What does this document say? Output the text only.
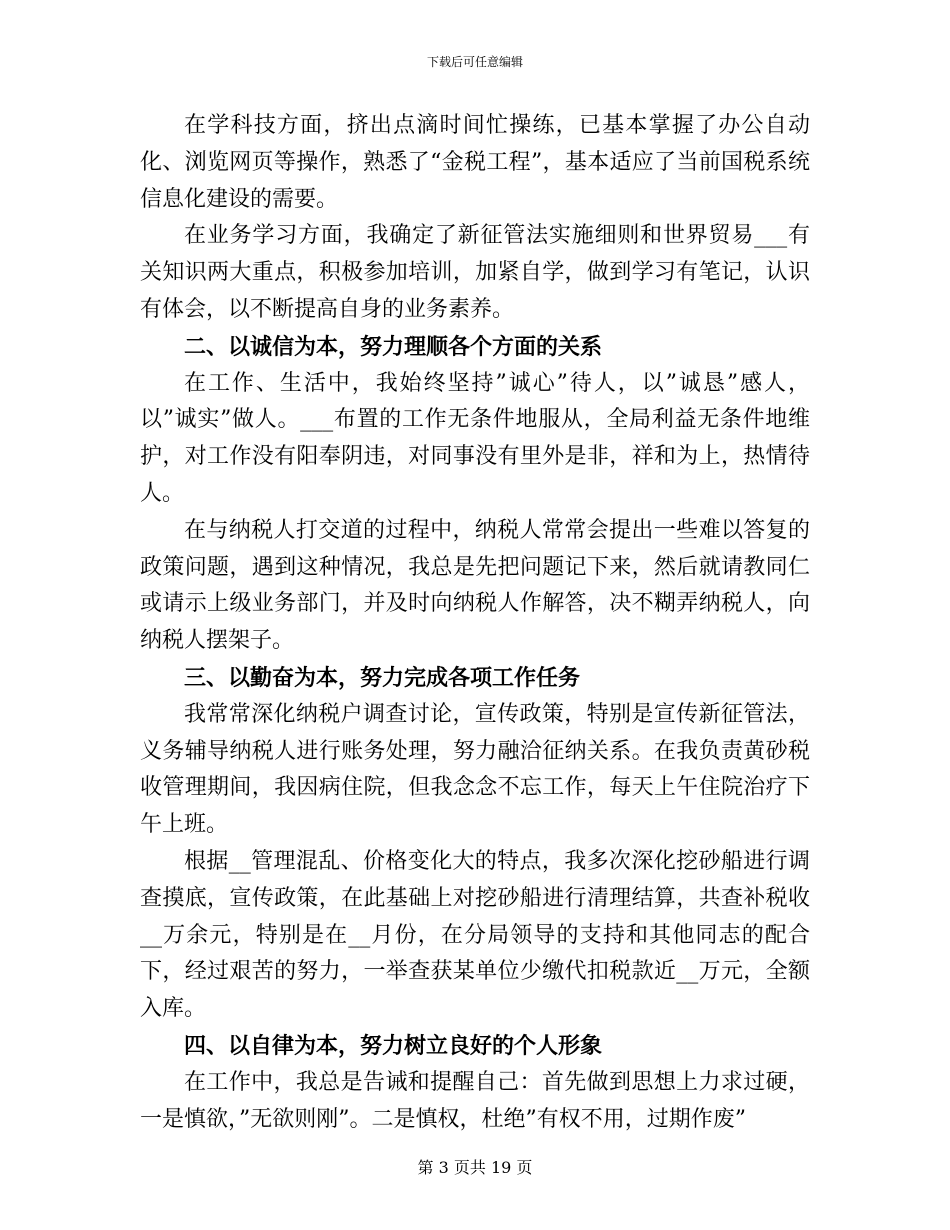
下载后可任意编辑

在学科技方面，挤出点滴时间忙操练，已基本掌握了办公自动化、浏览网页等操作，熟悉了“金税工程”，基本适应了当前国税系统信息化建设的需要。

在业务学习方面，我确定了新征管法实施细则和世界贸易___有关知识两大重点，积极参加培训，加紧自学，做到学习有笔记，认识有体会，以不断提高自身的业务素养。

二、以诚信为本，努力理顺各个方面的关系

在工作、生活中，我始终坚持”诚心”待人，以”诚恳”感人，以”诚实”做人。___布置的工作无条件地服从，全局利益无条件地维护，对工作没有阳奉阴违，对同事没有里外是非，祥和为上，热情待人。

在与纳税人打交道的过程中，纳税人常常会提出一些难以答复的政策问题，遇到这种情况，我总是先把问题记下来，然后就请教同仁或请示上级业务部门，并及时向纳税人作解答，决不糊弄纳税人，向纳税人摆架子。

三、以勤奋为本，努力完成各项工作任务

我常常深化纳税户调查讨论，宣传政策，特别是宣传新征管法，义务辅导纳税人进行账务处理，努力融洽征纳关系。在我负责黄砂税收管理期间，我因病住院，但我念念不忘工作，每天上午住院治疗下午上班。

根据__管理混乱、价格变化大的特点，我多次深化挖砂船进行调查摸底，宣传政策，在此基础上对挖砂船进行清理结算，共查补税收__万余元，特别是在__月份，在分局领导的支持和其他同志的配合下，经过艰苦的努力，一举查获某单位少缴代扣税款近__万元，全额入库。

四、以自律为本，努力树立良好的个人形象

在工作中，我总是告诫和提醒自己：首先做到思想上力求过硬，一是慎欲，”无欲则刚”。二是慎权，杜绝”有权不用，过期作废”

第 3 页共 19 页
